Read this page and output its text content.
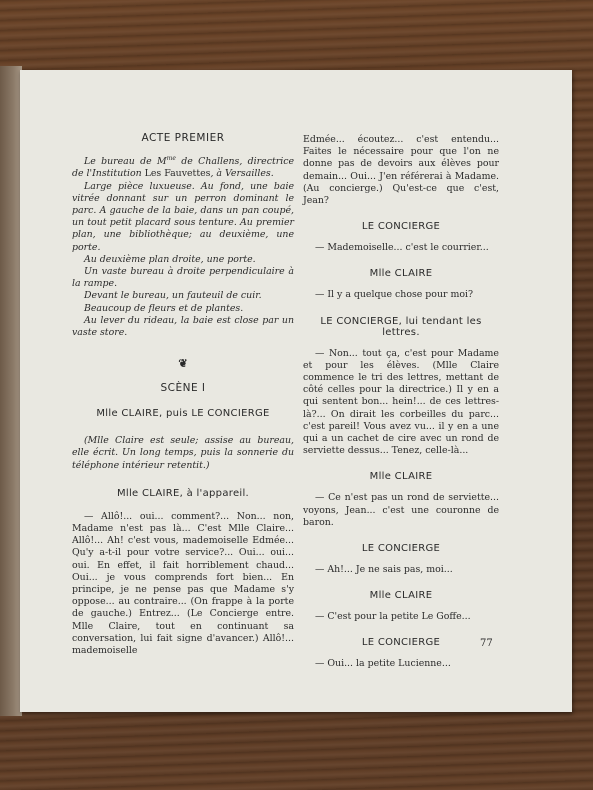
ACTE PREMIER

Le bureau de $M^{me}$ de Challens, directrice de l'Institution Les Fauvettes, à Versailles.

Large pièce luxueuse. Au fond, une baie vitrée donnant sur un perron dominant le parc. A gauche de la baie, dans un pan coupé, un tout petit placard sous tenture. Au premier plan, une bibliothèque; au deuxième, une porte.

Au deuxième plan droite, une porte.

Un vaste bureau à droite perpendiculaire à la rampe.

Devant le bureau, un fauteuil de cuir.

Beaucoup de fleurs et de plantes.

Au lever du rideau, la baie est close par un vaste store.

❦
SCÈNE I
Mlle CLAIRE, puis LE CONCIERGE
(Mlle Claire est seule; assise au bureau, elle écrit. Un long temps, puis la sonnerie du téléphone intérieur retentit.)
Mlle CLAIRE, à l'appareil.
— Allô!... oui... comment?... Non... non, Madame n'est pas là... C'est Mlle Claire... Allô!... Ah! c'est vous, mademoiselle Edmée... Qu'y a-t-il pour votre service?... Oui... oui... oui. En effet, il fait horriblement chaud... Oui... je vous comprends fort bien... En principe, je ne pense pas que Madame s'y oppose... au contraire... (On frappe à la porte de gauche.) Entrez... (Le Concierge entre. Mlle Claire, tout en continuant sa conversation, lui fait signe d'avancer.) Allô!... mademoiselle
Edmée... écoutez... c'est entendu... Faites le nécessaire pour que l'on ne donne pas de devoirs aux élèves pour demain... Oui... J'en référerai à Madame. (Au concierge.) Qu'est-ce que c'est, Jean?
LE CONCIERGE
— Mademoiselle... c'est le courrier...
Mlle CLAIRE
— Il y a quelque chose pour moi?
LE CONCIERGE, lui tendant les lettres.
— Non... tout ça, c'est pour Madame et pour les élèves. (Mlle Claire commence le tri des lettres, mettant de côté celles pour la directrice.) Il y en a qui sentent bon... hein!... de ces lettres-là?... On dirait les corbeilles du parc... c'est pareil! Vous avez vu... il y en a une qui a un cachet de cire avec un rond de serviette dessus... Tenez, celle-là...
Mlle CLAIRE
— Ce n'est pas un rond de serviette... voyons, Jean... c'est une couronne de baron.
LE CONCIERGE
— Ah!... Je ne sais pas, moi...
Mlle CLAIRE
— C'est pour la petite Le Goffe...
LE CONCIERGE
— Oui... la petite Lucienne...
77
